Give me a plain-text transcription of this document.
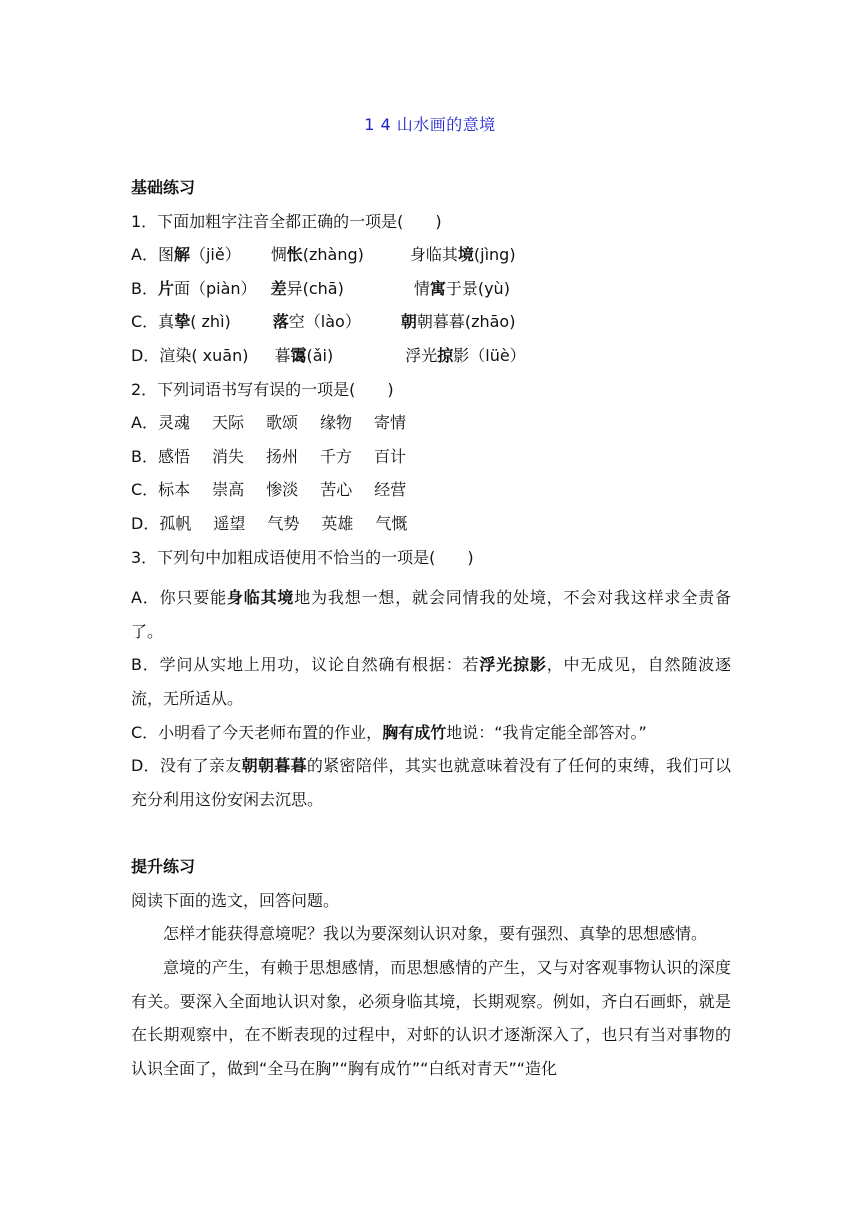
1 4 山水画的意境
基础练习
1．下面加粗字注音全都正确的一项是(　　)
A．图解（jiě） 惆怅(zhàng)	身临其境(jìng)
B．片面（piàn） 差异(chā)	情寓于景(yù)
C．真挚( zhì)	落空（lào）	朝朝暮暮(zhāo)
D．渲染( xuān) 暮霭(ǎi)	浮光掠影（lüè）
2．下列词语书写有误的一项是(　　)
A．灵魂 天际 歌颂 缘物 寄情
B．感悟 消失 扬州 千方 百计
C．标本 崇高 惨淡 苦心 经营
D．孤帆 遥望 气势 英雄 气慨
3．下列句中加粗成语使用不恰当的一项是(　　)
A．你只要能身临其境地为我想一想，就会同情我的处境，不会对我这样求全责备了。
B．学问从实地上用功，议论自然确有根据：若浮光掠影，中无成见，自然随波逐流，无所适从。
C．小明看了今天老师布置的作业，胸有成竹地说：“我肯定能全部答对。”
D．没有了亲友朝朝暮暮的紧密陪伴，其实也就意味着没有了任何的束缚，我们可以充分利用这份安闲去沉思。
提升练习
阅读下面的选文，回答问题。
怎样才能获得意境呢？我以为要深刻认识对象，要有强烈、真挚的思想感情。
意境的产生，有赖于思想感情，而思想感情的产生，又与对客观事物认识的深度有关。要深入全面地认识对象，必须身临其境，长期观察。例如，齐白石画虾，就是在长期观察中，在不断表现的过程中，对虾的认识才逐渐深入了，也只有当对事物的认识全面了，做到“全马在胸”“胸有成竹”“白纸对青天”“造化
